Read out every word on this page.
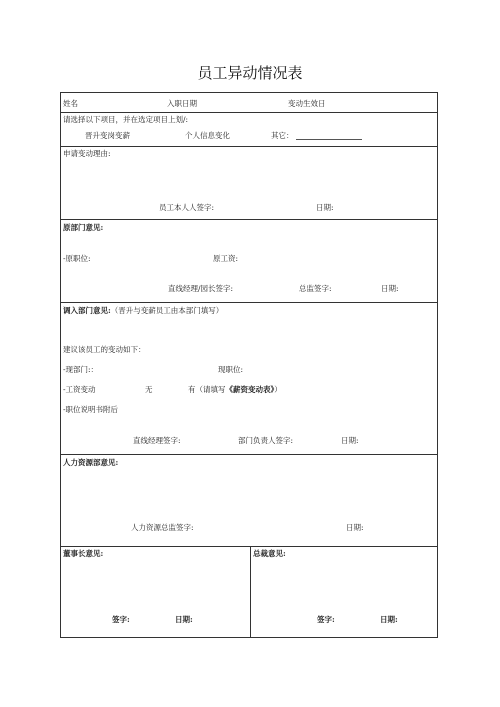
员工异动情况表
姓名	入职日期	变动生效日
请选择以下项目，并在选定项目上划/:
晋升变岗变薪	个人信息变化	其它：
申请变动理由:
员工本人人签字:	日期:
原部门意见:
-原职位:	原工资:
直线经理/园长签字:	总监签字:	日期:
调入部门意见:（晋升与变薪员工由本部门填写）
建议该员工的变动如下：
-现部门:：	现职位:
-工资变动	无	有（请填写《薪资变动表》）
-职位说明书附后
直线经理签字:	部门负责人签字:	日期:
人力资源部意见:
人力资源总监签字:	日期:
董事长意见:
签字:	日期:
总裁意见:
签字:	日期:
